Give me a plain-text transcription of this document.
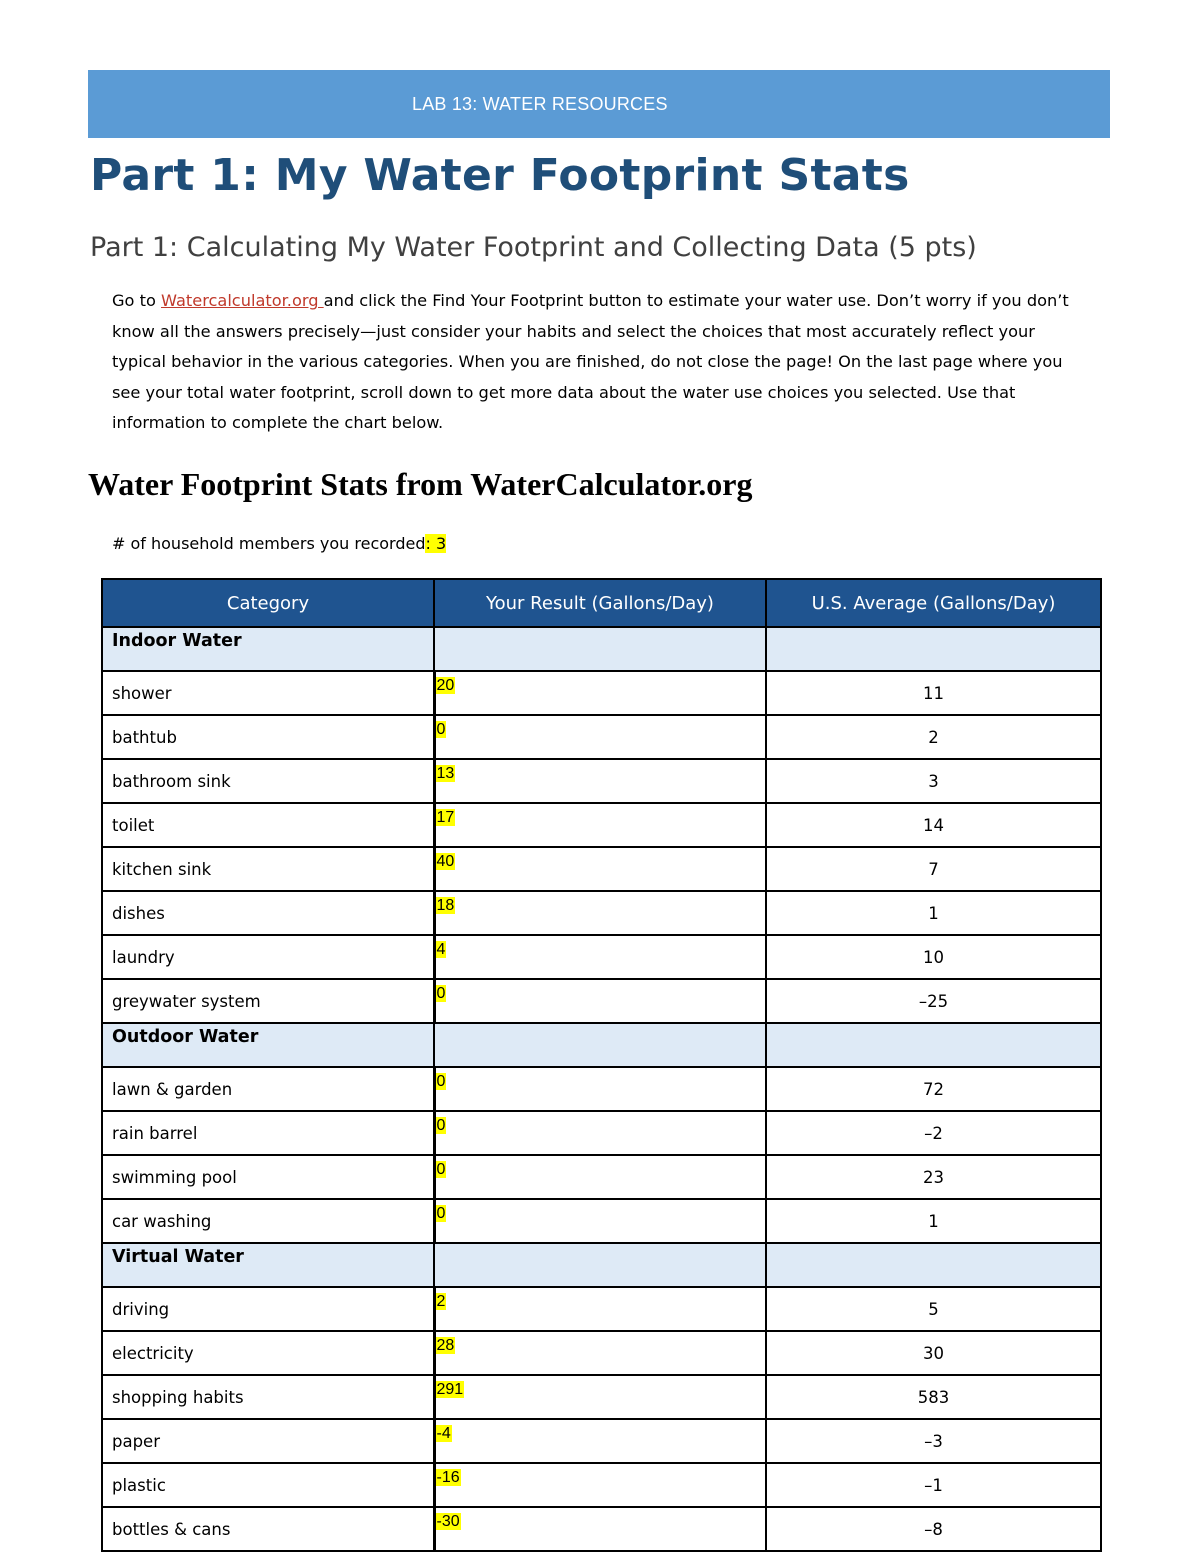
LAB 13: WATER RESOURCES
Part 1: My Water Footprint Stats
Part 1: Calculating My Water Footprint and Collecting Data (5 pts)

Go to Watercalculator.org and click the Find Your Footprint button to estimate your water use. Don’t worry if you don’t know all the answers precisely—just consider your habits and select the choices that most accurately reflect your typical behavior in the various categories. When you are finished, do not close the page! On the last page where you see your total water footprint, scroll down to get more data about the water use choices you selected. Use that information to complete the chart below.

Water Footprint Stats from WaterCalculator.org
# of household members you recorded: 3
Category	Your Result (Gallons/Day)	U.S. Average (Gallons/Day)
Indoor Water		
shower	20	11
bathtub	0	2
bathroom sink	13	3
toilet	17	14
kitchen sink	40	7
dishes	18	1
laundry	4	10
greywater system	0	–25
Outdoor Water		
lawn & garden	0	72
rain barrel	0	–2
swimming pool	0	23
car washing	0	1
Virtual Water		
driving	2	5
electricity	28	30
shopping habits	291	583
paper	-4	–3
plastic	-16	–1
bottles & cans	-30	–8
